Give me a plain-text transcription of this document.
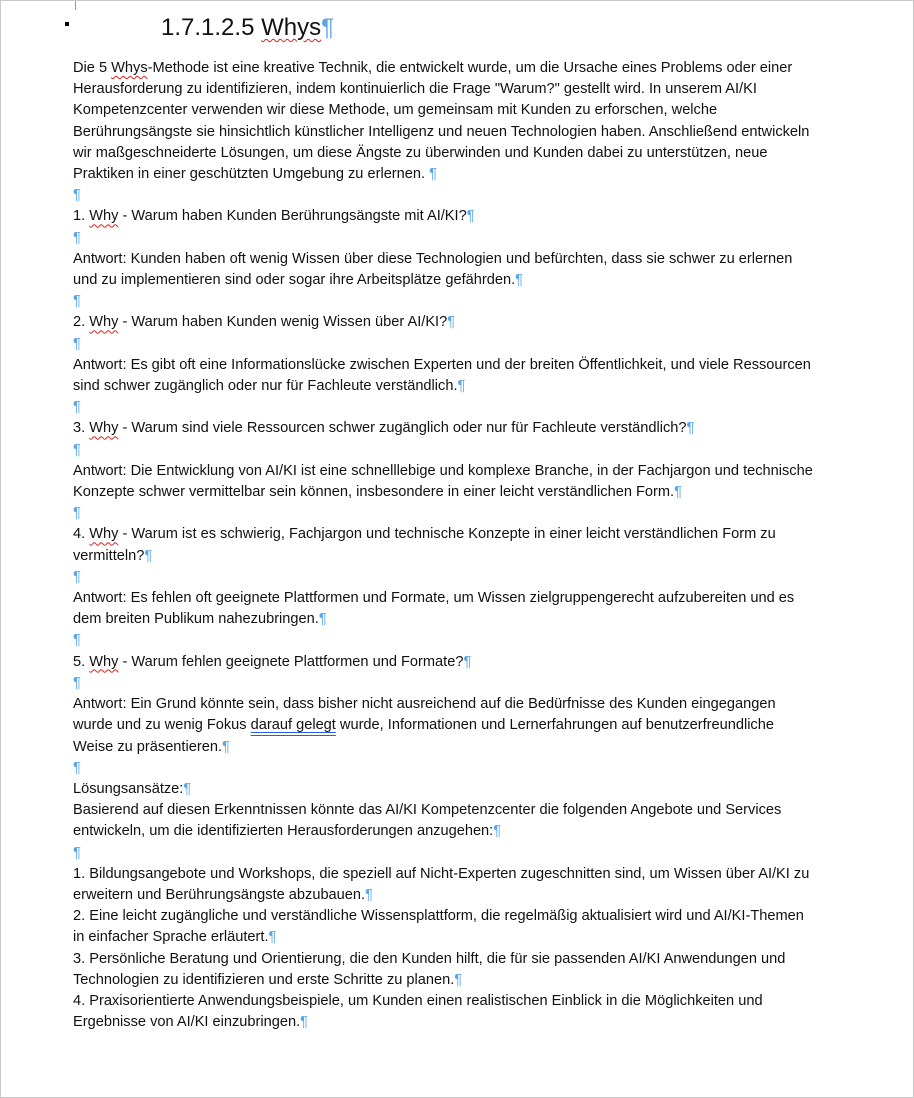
1.7.1.2.5 Whys¶

Die 5 Whys-Methode ist eine kreative Technik, die entwickelt wurde, um die Ursache eines Problems oder einer Herausforderung zu identifizieren, indem kontinuierlich die Frage "Warum?" gestellt wird. In unserem AI/KI Kompetenzcenter verwenden wir diese Methode, um gemeinsam mit Kunden zu erforschen, welche Berührungsängste sie hinsichtlich künstlicher Intelligenz und neuen Technologien haben. Anschließend entwickeln wir maßgeschneiderte Lösungen, um diese Ängste zu überwinden und Kunden dabei zu unterstützen, neue Praktiken in einer geschützten Umgebung zu erlernen. ¶

¶

1. Why - Warum haben Kunden Berührungsängste mit AI/KI?¶

¶

Antwort: Kunden haben oft wenig Wissen über diese Technologien und befürchten, dass sie schwer zu erlernen und zu implementieren sind oder sogar ihre Arbeitsplätze gefährden.¶

¶

2. Why - Warum haben Kunden wenig Wissen über AI/KI?¶

¶

Antwort: Es gibt oft eine Informationslücke zwischen Experten und der breiten Öffentlichkeit, und viele Ressourcen sind schwer zugänglich oder nur für Fachleute verständlich.¶

¶

3. Why - Warum sind viele Ressourcen schwer zugänglich oder nur für Fachleute verständlich?¶

¶

Antwort: Die Entwicklung von AI/KI ist eine schnelllebige und komplexe Branche, in der Fachjargon und technische Konzepte schwer vermittelbar sein können, insbesondere in einer leicht verständlichen Form.¶

¶

4. Why - Warum ist es schwierig, Fachjargon und technische Konzepte in einer leicht verständlichen Form zu vermitteln?¶

¶

Antwort: Es fehlen oft geeignete Plattformen und Formate, um Wissen zielgruppengerecht aufzubereiten und es dem breiten Publikum nahezubringen.¶

¶

5. Why - Warum fehlen geeignete Plattformen und Formate?¶

¶

Antwort: Ein Grund könnte sein, dass bisher nicht ausreichend auf die Bedürfnisse des Kunden eingegangen wurde und zu wenig Fokus darauf gelegt wurde, Informationen und Lernerfahrungen auf benutzerfreundliche Weise zu präsentieren.¶

¶

Lösungsansätze:¶

Basierend auf diesen Erkenntnissen könnte das AI/KI Kompetenzcenter die folgenden Angebote und Services entwickeln, um die identifizierten Herausforderungen anzugehen:¶

¶

1. Bildungsangebote und Workshops, die speziell auf Nicht-Experten zugeschnitten sind, um Wissen über AI/KI zu erweitern und Berührungsängste abzubauen.¶

2. Eine leicht zugängliche und verständliche Wissensplattform, die regelmäßig aktualisiert wird und AI/KI-Themen in einfacher Sprache erläutert.¶

3. Persönliche Beratung und Orientierung, die den Kunden hilft, die für sie passenden AI/KI Anwendungen und Technologien zu identifizieren und erste Schritte zu planen.¶

4. Praxisorientierte Anwendungsbeispiele, um Kunden einen realistischen Einblick in die Möglichkeiten und Ergebnisse von AI/KI einzubringen.¶
